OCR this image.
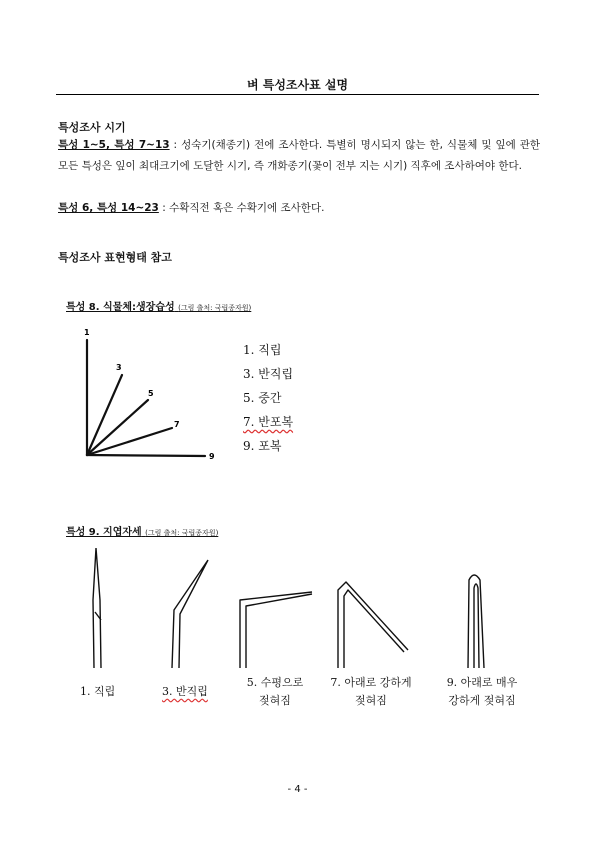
벼 특성조사표 설명
특성조사 시기
특성 1~5, 특성 7~13 : 성숙기(채종기) 전에 조사한다. 특별히 명시되지 않는 한, 식물체 및 잎에 관한 모든 특성은 잎이 최대크기에 도달한 시기, 즉 개화종기(꽃이 전부 지는 시기) 직후에 조사하여야 한다.
특성 6, 특성 14~23 : 수확직전 혹은 수확기에 조사한다.
특성조사 표현형태 참고
특성 8. 식물체:생장습성 (그림 출처: 국립종자원)
1
3
5
7
9
1. 직립
3. 반직립
5. 중간
7. 반포복
9. 포복
특성 9. 지엽자세 (그림 출처: 국립종자원)
1. 직립	3. 반직립
5. 수평으로
젖혀짐
7. 아래로 강하게
젖혀짐
9. 아래로 매우
강하게 젖혀짐
- 4 -
